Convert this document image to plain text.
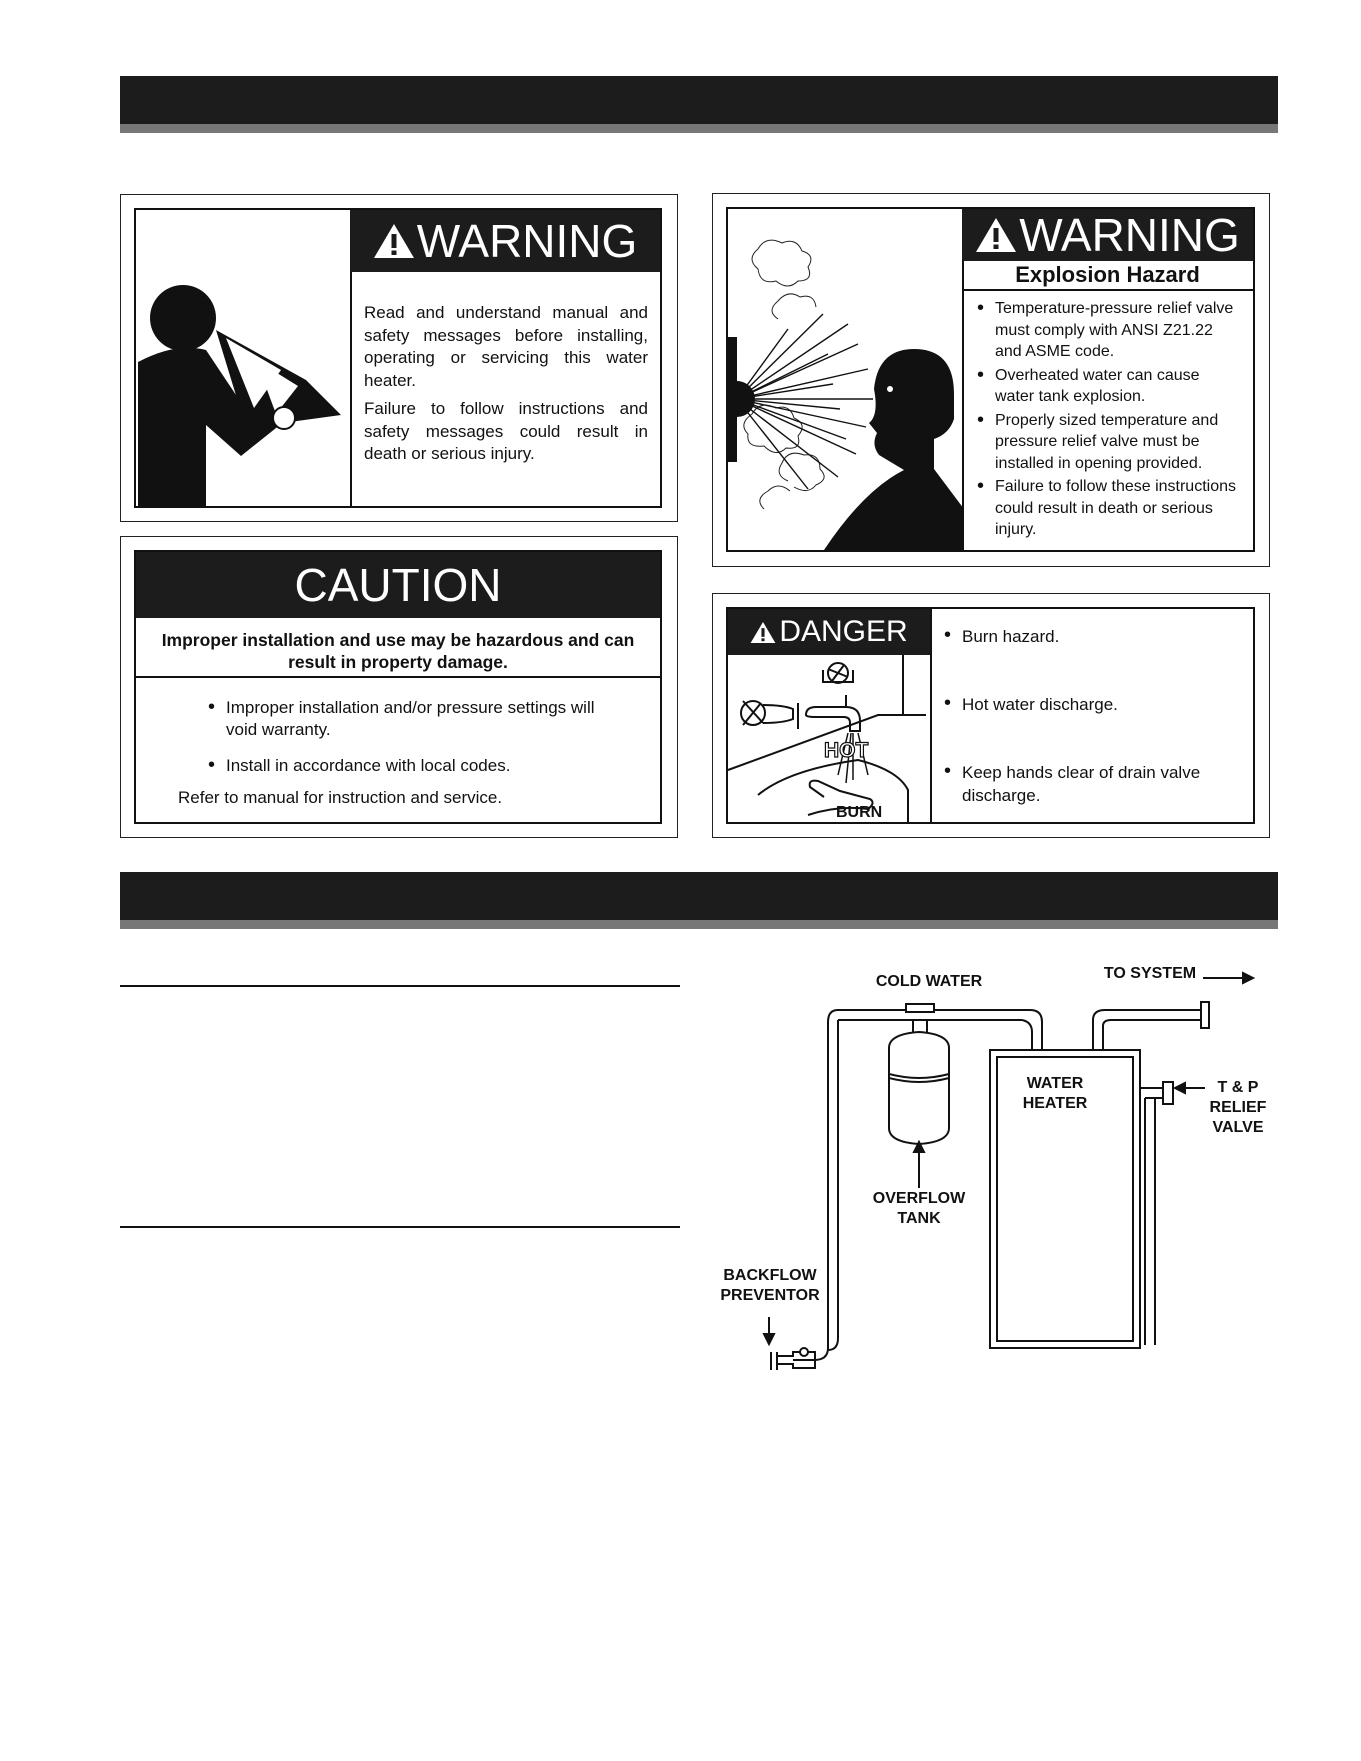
WARNING
Read and understand manual and safety messages before installing, operating or servicing this water heater.
Failure to follow instructions and safety messages could result in death or serious injury.
CAUTION
Improper installation and use may be hazardous and can result in property damage.
• Improper installation and/or pressure settings will void warranty.
• Install in accordance with local codes.
Refer to manual for instruction and service.
WARNING
Explosion Hazard
• Temperature-pressure relief valve must comply with ANSI Z21.22 and ASME code.
• Overheated water can cause water tank explosion.
• Properly sized temperature and pressure relief valve must be installed in opening provided.
• Failure to follow these instructions could result in death or serious injury.
DANGER
HOT
BURN
• Burn hazard.
• Hot water discharge.
• Keep hands clear of drain valve discharge.
COLD WATER	TO SYSTEM
WATER HEATER
T & P RELIEF VALVE
OVERFLOW TANK
BACKFLOW PREVENTOR
